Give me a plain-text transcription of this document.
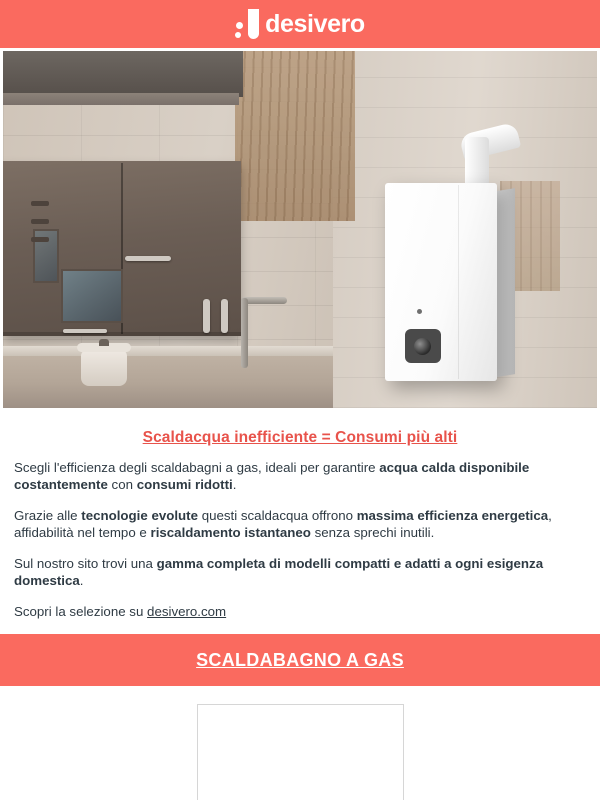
desivero
Scaldacqua inefficiente = Consumi più alti

Scegli l'efficienza degli scaldabagni a gas, ideali per garantire acqua calda disponibile costantemente con consumi ridotti.

Grazie alle tecnologie evolute questi scaldacqua offrono massima efficienza energetica, affidabilità nel tempo e riscaldamento istantaneo senza sprechi inutili.

Sul nostro sito trovi una gamma completa di modelli compatti e adatti a ogni esigenza domestica.

Scopri la selezione su desivero.com

SCALDABAGNO A GAS
